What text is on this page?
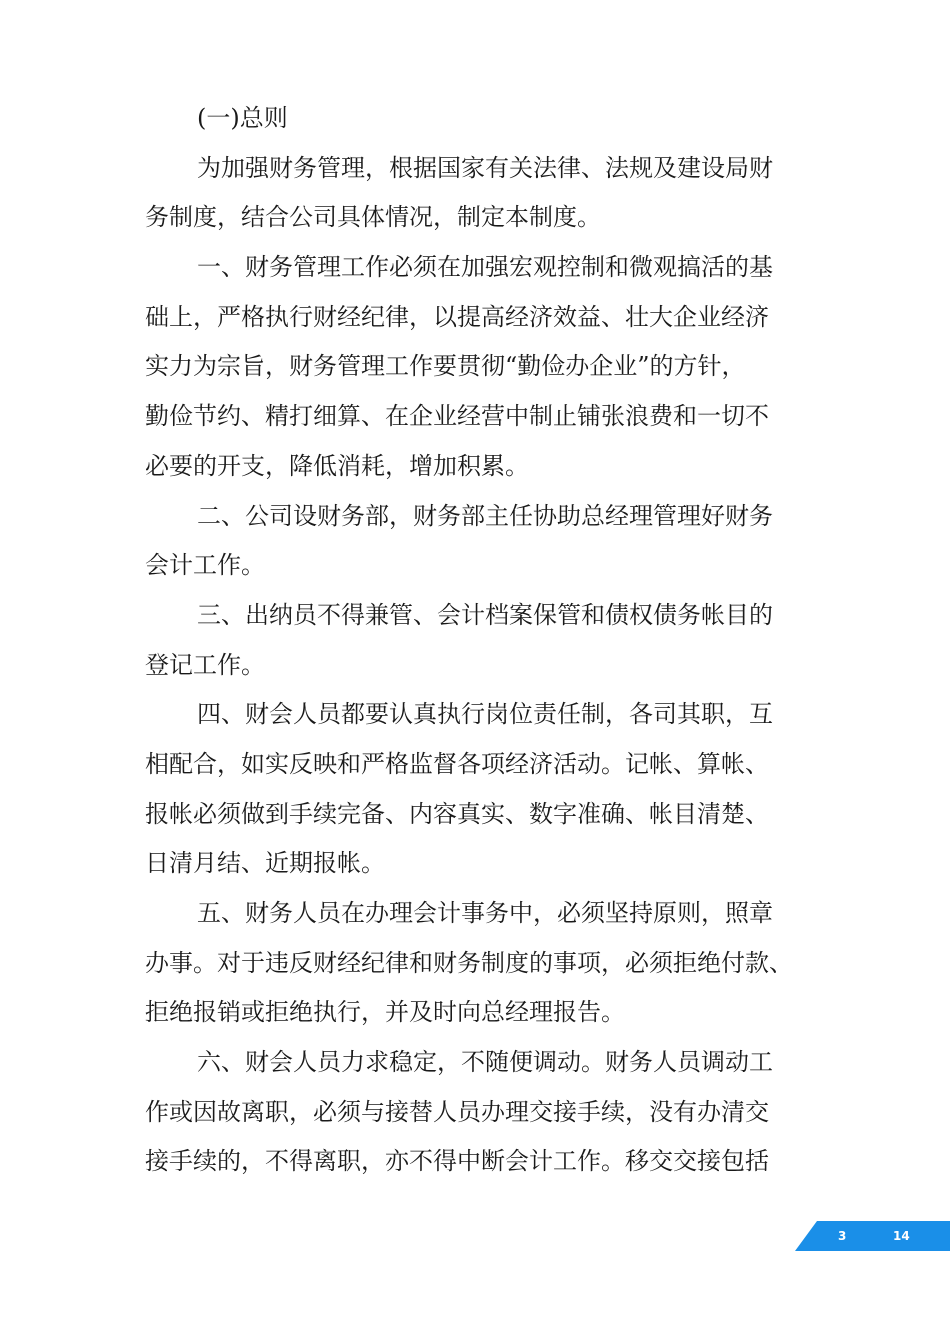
(一)总则
为加强财务管理，根据国家有关法律、法规及建设局财
务制度，结合公司具体情况，制定本制度。
一、财务管理工作必须在加强宏观控制和微观搞活的基
础上，严格执行财经纪律，以提高经济效益、壮大企业经济
实力为宗旨，财务管理工作要贯彻“勤俭办企业”的方针，
勤俭节约、精打细算、在企业经营中制止铺张浪费和一切不
必要的开支，降低消耗，增加积累。
二、公司设财务部，财务部主任协助总经理管理好财务
会计工作。
三、出纳员不得兼管、会计档案保管和债权债务帐目的
登记工作。
四、财会人员都要认真执行岗位责任制，各司其职，互
相配合，如实反映和严格监督各项经济活动。记帐、算帐、
报帐必须做到手续完备、内容真实、数字准确、帐目清楚、
日清月结、近期报帐。
五、财务人员在办理会计事务中，必须坚持原则，照章
办事。对于违反财经纪律和财务制度的事项，必须拒绝付款、
拒绝报销或拒绝执行，并及时向总经理报告。
六、财会人员力求稳定，不随便调动。财务人员调动工
作或因故离职，必须与接替人员办理交接手续，没有办清交
接手续的，不得离职，亦不得中断会计工作。移交交接包括
3	14
